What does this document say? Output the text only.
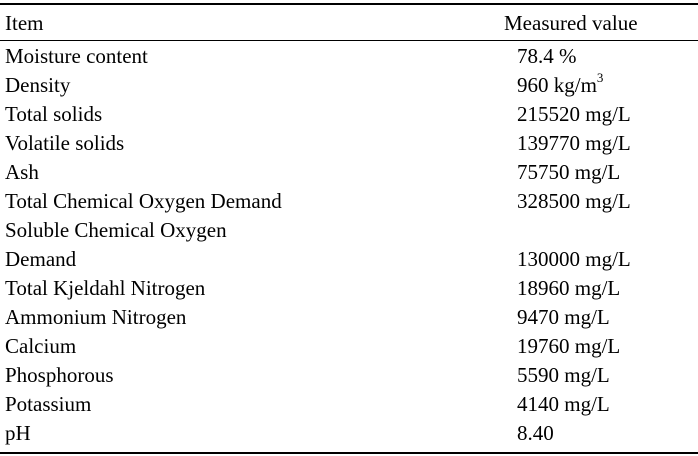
Item	Measured value
Moisture content	78.4 %
Density	960 $kg/m^3$
Total solids	215520 mg/L
Volatile solids	139770 mg/L
Ash	75750 mg/L
Total Chemical Oxygen Demand	328500 mg/L
Soluble Chemical Oxygen
Demand	130000 mg/L
Total Kjeldahl Nitrogen	18960 mg/L
Ammonium Nitrogen	9470 mg/L
Calcium	19760 mg/L
Phosphorous	5590 mg/L
Potassium	4140 mg/L
pH	8.40
